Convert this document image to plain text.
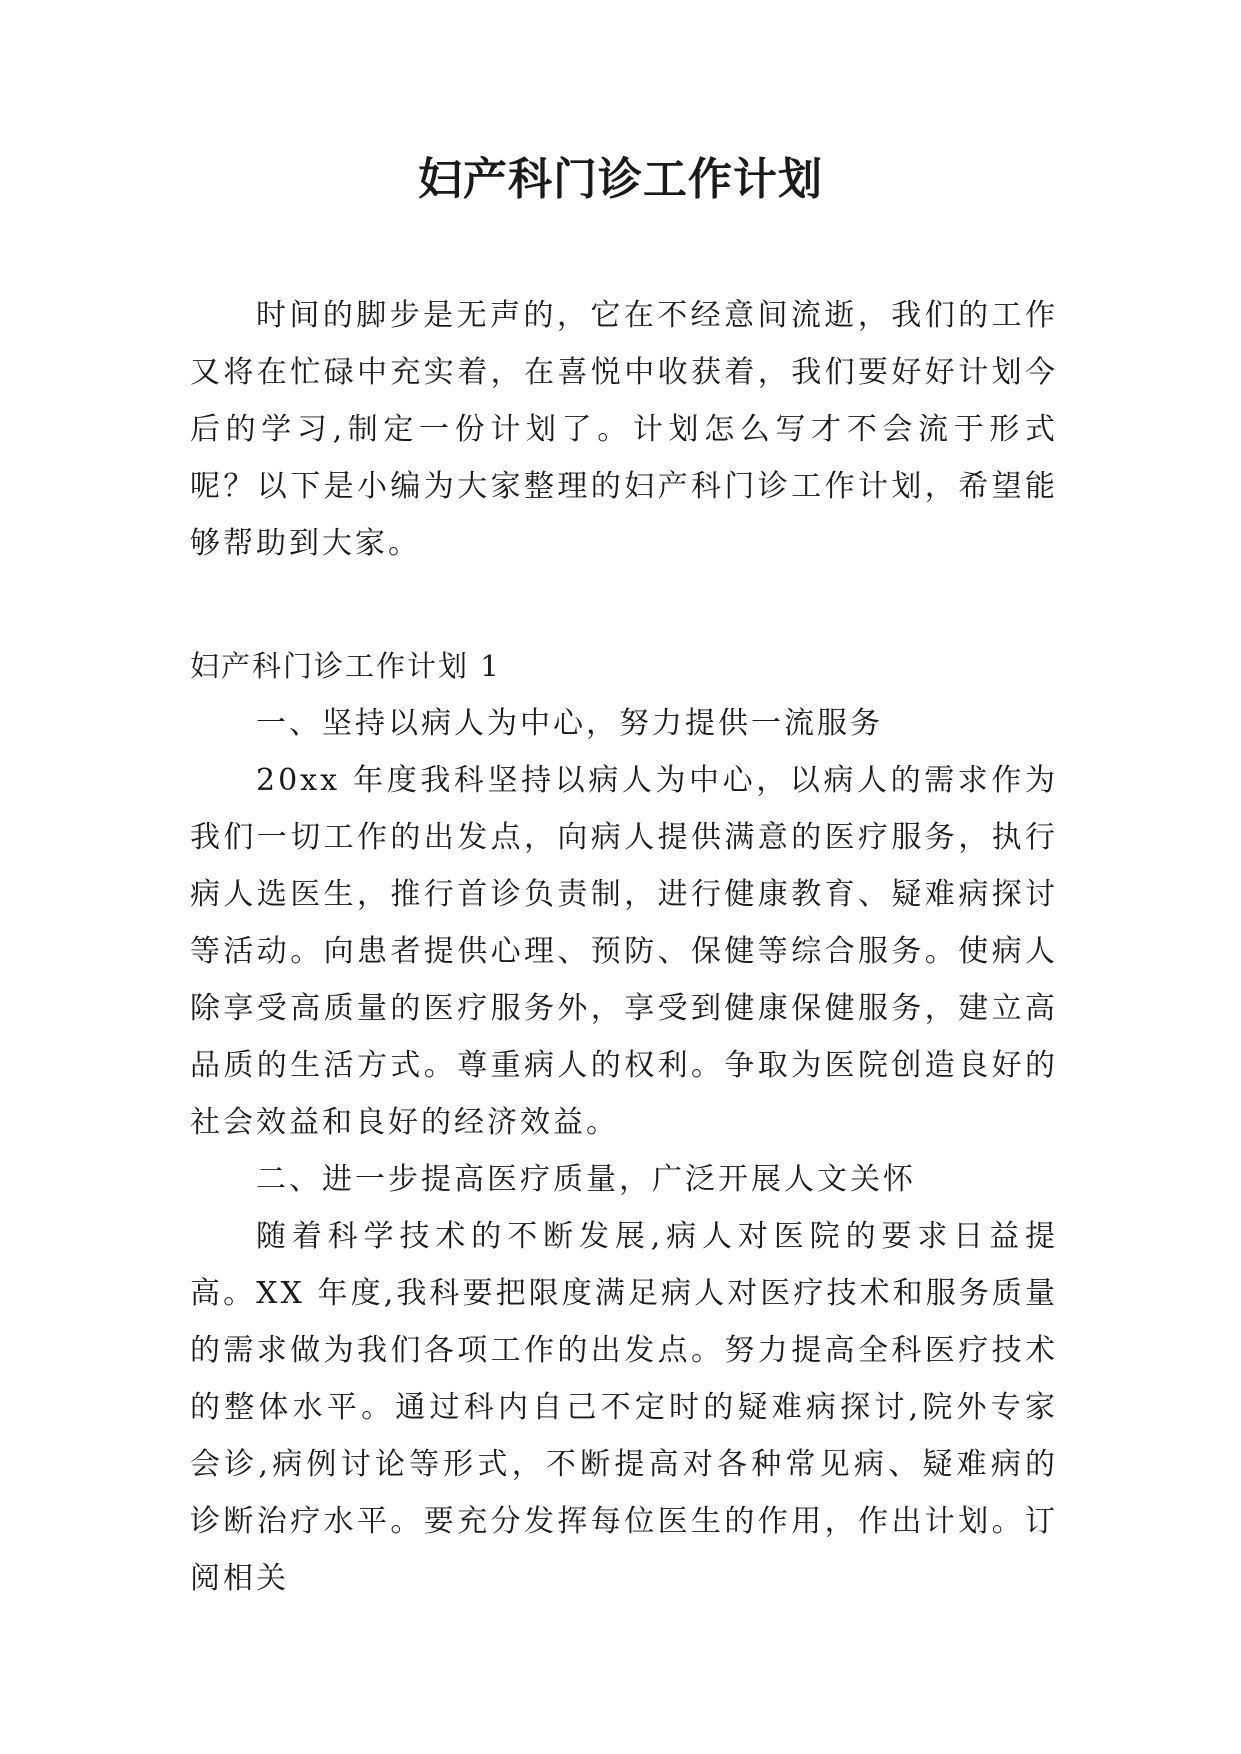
妇产科门诊工作计划

时间的脚步是无声的，它在不经意间流逝，我们的工作又将在忙碌中充实着，在喜悦中收获着，我们要好好计划今后的学习,制定一份计划了。计划怎么写才不会流于形式呢？以下是小编为大家整理的妇产科门诊工作计划，希望能够帮助到大家。

妇产科门诊工作计划 1

一、坚持以病人为中心，努力提供一流服务

20xx 年度我科坚持以病人为中心，以病人的需求作为我们一切工作的出发点，向病人提供满意的医疗服务，执行病人选医生，推行首诊负责制，进行健康教育、疑难病探讨等活动。向患者提供心理、预防、保健等综合服务。使病人除享受高质量的医疗服务外，享受到健康保健服务，建立高品质的生活方式。尊重病人的权利。争取为医院创造良好的社会效益和良好的经济效益。

二、进一步提高医疗质量，广泛开展人文关怀

随着科学技术的不断发展,病人对医院的要求日益提高。XX 年度,我科要把限度满足病人对医疗技术和服务质量的需求做为我们各项工作的出发点。努力提高全科医疗技术的整体水平。通过科内自己不定时的疑难病探讨,院外专家会诊,病例讨论等形式，不断提高对各种常见病、疑难病的诊断治疗水平。要充分发挥每位医生的作用，作出计划。订阅相关
